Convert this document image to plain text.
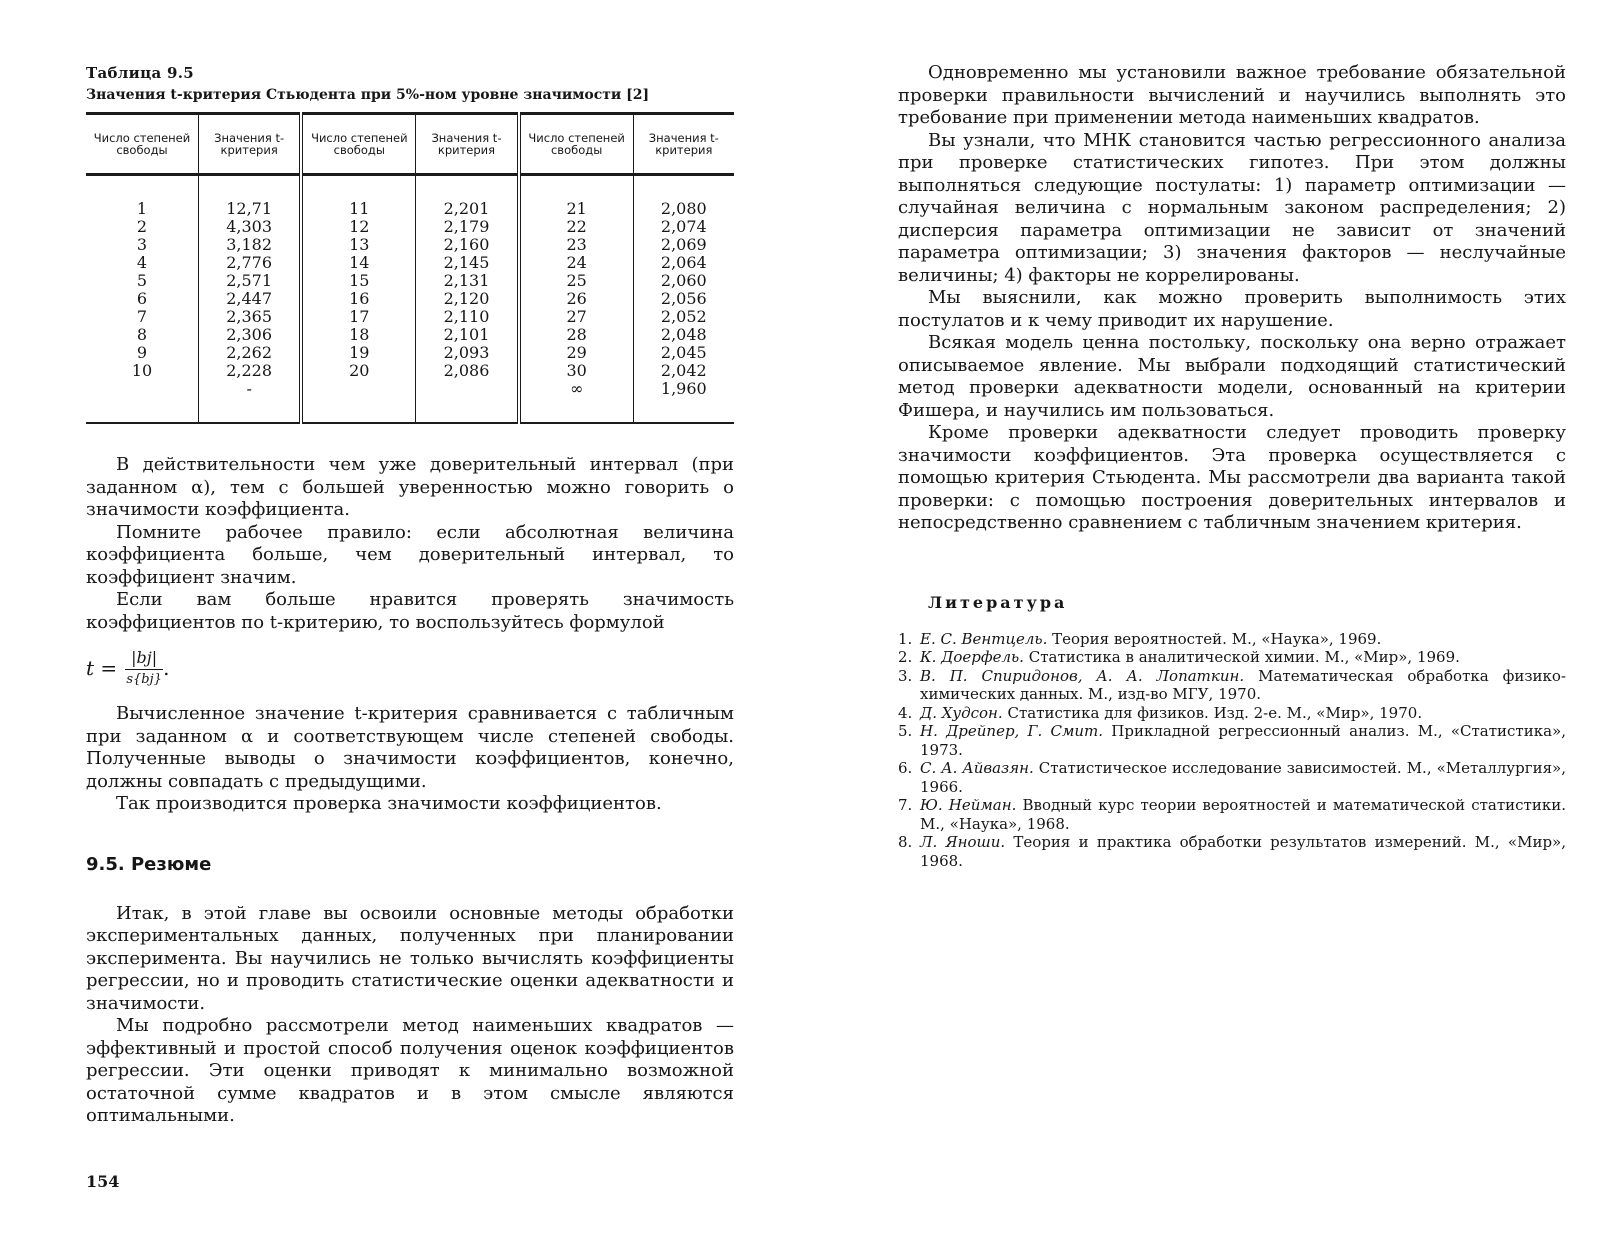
Таблица 9.5
Значения t-критерия Стьюдента при 5%-ном уровне значимости [2]
Число степеней свободы	Значения t-критерия	Число степеней свободы	Значения t-критерия	Число степеней свободы	Значения t-критерия

1	12,71	11	2,201	21	2,080
2	4,303	12	2,179	22	2,074
3	3,182	13	2,160	23	2,069
4	2,776	14	2,145	24	2,064
5	2,571	15	2,131	25	2,060
6	2,447	16	2,120	26	2,056
7	2,365	17	2,110	27	2,052
8	2,306	18	2,101	28	2,048
9	2,262	19	2,093	29	2,045
10	2,228	20	2,086	30	2,042
	-			∞	1,960

В действительности чем уже доверительный интервал (при заданном α), тем с большей уверенностью можно говорить о значимости коэффициента.

Помните рабочее правило: если абсолютная величина коэффициента больше, чем доверительный интервал, то коэффициент значим.

Если вам больше нравится проверять значимость коэффициентов по t-критерию, то воспользуйтесь формулой

$t = \frac{|bj|}{s\{bj\}}$ .

Вычисленное значение t-критерия сравнивается с табличным при заданном α и соответствующем числе степеней свободы. Полученные выводы о значимости коэффициентов, конечно, должны совпадать с предыдущими.

Так производится проверка значимости коэффициентов.

9.5. Резюме

Итак, в этой главе вы освоили основные методы обработки экспериментальных данных, полученных при планировании эксперимента. Вы научились не только вычислять коэффициенты регрессии, но и проводить статистические оценки адекватности и значимости.

Мы подробно рассмотрели метод наименьших квадратов — эффективный и простой способ получения оценок коэффициентов регрессии. Эти оценки приводят к минимально возможной остаточной сумме квадратов и в этом смысле являются оптимальными.

154

Одновременно мы установили важное требование обязательной проверки правильности вычислений и научились выполнять это требование при применении метода наименьших квадратов.

Вы узнали, что МНК становится частью регрессионного анализа при проверке статистических гипотез. При этом должны выполняться следующие постулаты: 1) параметр оптимизации — случайная величина с нормальным законом распределения; 2) дисперсия параметра оптимизации не зависит от значений параметра оптимизации; 3) значения факторов — неслучайные величины; 4) факторы не коррелированы.

Мы выяснили, как можно проверить выполнимость этих постулатов и к чему приводит их нарушение.

Всякая модель ценна постольку, поскольку она верно отражает описываемое явление. Мы выбрали подходящий статистический метод проверки адекватности модели, основанный на критерии Фишера, и научились им пользоваться.

Кроме проверки адекватности следует проводить проверку значимости коэффициентов. Эта проверка осуществляется с помощью критерия Стьюдента. Мы рассмотрели два варианта такой проверки: с помощью построения доверительных интервалов и непосредственно сравнением с табличным значением критерия.

Литература
1. Е. С. Вентцель. Теория вероятностей. М., «Наука», 1969.
2. К. Доерфель. Статистика в аналитической химии. М., «Мир», 1969.
3. В. П. Спиридонов, А. А. Лопаткин. Математическая обработка физико-химических данных. М., изд-во МГУ, 1970.
4. Д. Худсон. Статистика для физиков. Изд. 2-е. М., «Мир», 1970.
5. Н. Дрейпер, Г. Смит. Прикладной регрессионный анализ. М., «Статистика», 1973.
6. С. А. Айвазян. Статистическое исследование зависимостей. М., «Металлургия», 1966.
7. Ю. Нейман. Вводный курс теории вероятностей и математической статистики. М., «Наука», 1968.
8. Л. Яноши. Теория и практика обработки результатов измерений. М., «Мир», 1968.
